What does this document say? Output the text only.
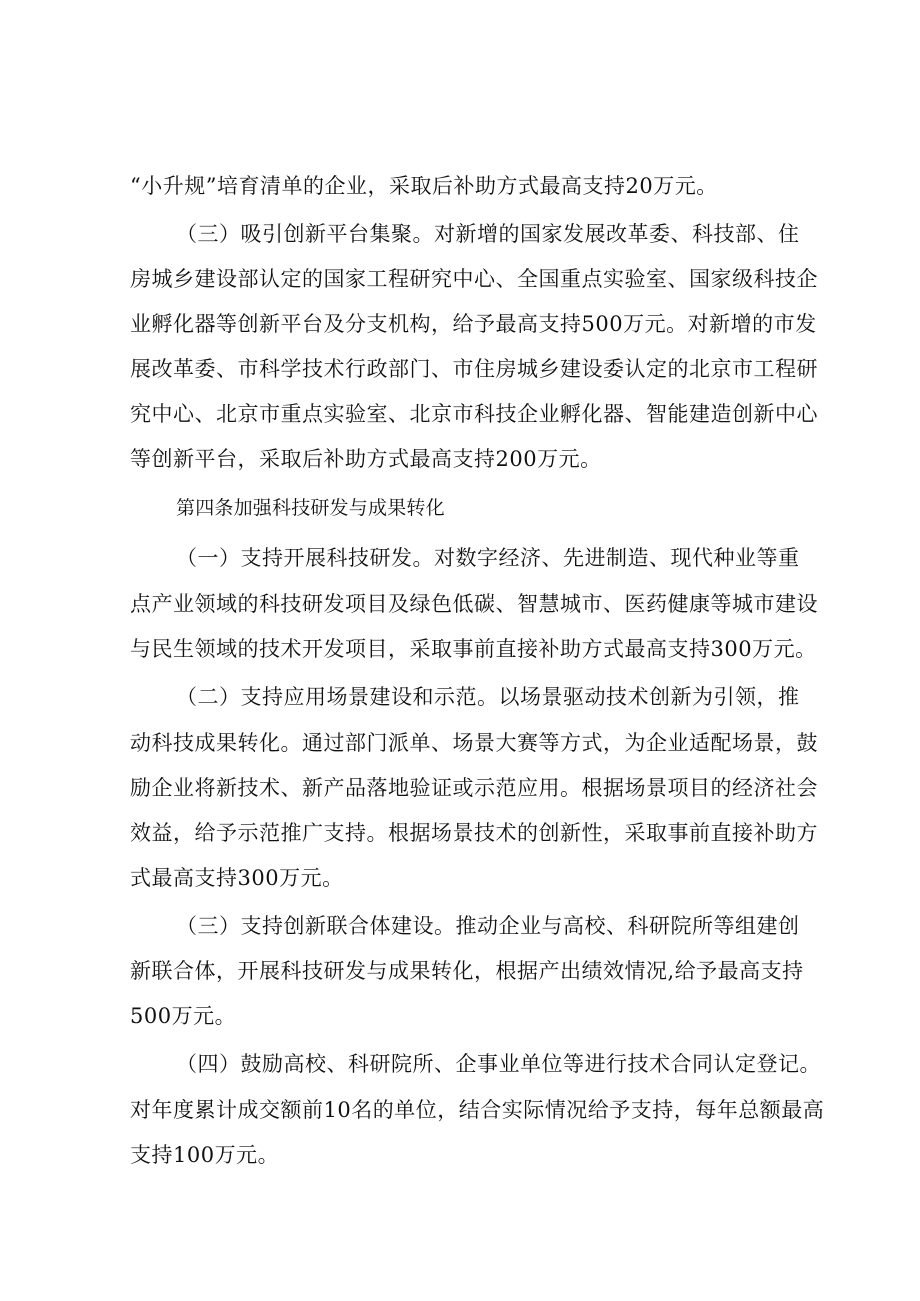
“小升规”培育清单的企业，采取后补助方式最高支持20万元。
（三）吸引创新平台集聚。对新增的国家发展改革委、科技部、住
房城乡建设部认定的国家工程研究中心、全国重点实验室、国家级科技企
业孵化器等创新平台及分支机构，给予最高支持500万元。对新增的市发
展改革委、市科学技术行政部门、市住房城乡建设委认定的北京市工程研
究中心、北京市重点实验室、北京市科技企业孵化器、智能建造创新中心
等创新平台，采取后补助方式最高支持200万元。
第四条加强科技研发与成果转化
（一）支持开展科技研发。对数字经济、先进制造、现代种业等重
点产业领域的科技研发项目及绿色低碳、智慧城市、医药健康等城市建设
与民生领域的技术开发项目，采取事前直接补助方式最高支持300万元。
（二）支持应用场景建设和示范。以场景驱动技术创新为引领，推
动科技成果转化。通过部门派单、场景大赛等方式，为企业适配场景，鼓
励企业将新技术、新产品落地验证或示范应用。根据场景项目的经济社会
效益，给予示范推广支持。根据场景技术的创新性，采取事前直接补助方
式最高支持300万元。
（三）支持创新联合体建设。推动企业与高校、科研院所等组建创
新联合体，开展科技研发与成果转化，根据产出绩效情况,给予最高支持
500万元。
（四）鼓励高校、科研院所、企事业单位等进行技术合同认定登记。
对年度累计成交额前10名的单位，结合实际情况给予支持，每年总额最高
支持100万元。
